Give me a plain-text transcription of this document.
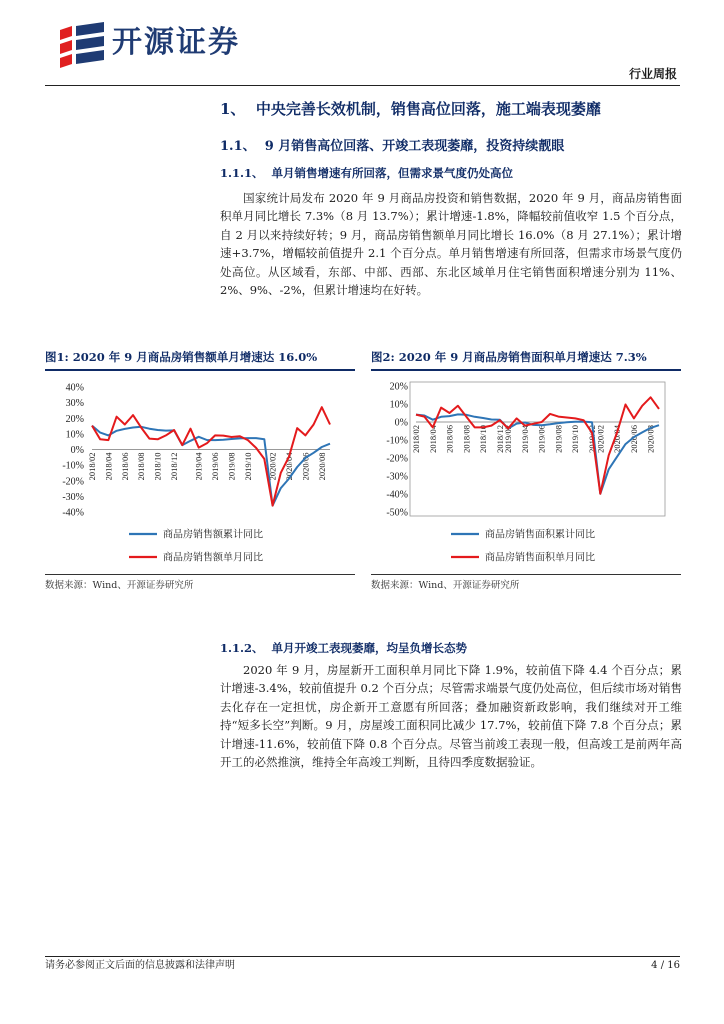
开源证券
行业周报
1、 中央完善长效机制，销售高位回落，施工端表现萎靡
1.1、 9 月销售高位回落、开竣工表现萎靡，投资持续靓眼
1.1.1、 单月销售增速有所回落，但需求景气度仍处高位

  国家统计局发布 2020 年 9 月商品房投资和销售数据，2020 年 9 月，商品房销售面积单月同比增长 7.3%（8 月 13.7%）；累计增速-1.8%，降幅较前值收窄 1.5 个百分点，自 2 月以来持续好转；9 月，商品房销售额单月同比增长 16.0%（8 月 27.1%）；累计增速+3.7%，增幅较前值提升 2.1 个百分点。单月销售增速有所回落，但需求市场景气度仍处高位。从区域看，东部、中部、西部、东北区域单月住宅销售面积增速分别为 11%、2%、9%、-2%，但累计增速均在好转。

图1: 2020 年 9 月商品房销售额单月增速达 16.0%
40%
30%
20%
10%
0%
-10%
-20%
-30%
-40%
2018/02 2018/04 2018/06 2018/08 2018/10 2018/12 2019/04 2019/06 2019/08 2019/10 2020/02 2020/04 2020/06 2020/08
商品房销售额累计同比
商品房销售额单月同比
数据来源：Wind、开源证券研究所
图2: 2020 年 9 月商品房销售面积单月增速达 7.3%
20%
10%
0%
-10%
-20%
-30%
-40%
-50%
2018/02 2018/04 2018/06 2018/08 2018/10 2018/12
2019/02 2019/04 2019/06 2019/08 2019/10 2019/12
2020/02 2020/04 2020/06 2020/08
商品房销售面积累计同比
商品房销售面积单月同比
数据来源：Wind、开源证券研究所
1.1.2、 单月开竣工表现萎靡，均呈负增长态势

  2020 年 9 月，房屋新开工面积单月同比下降 1.9%，较前值下降 4.4 个百分点；累计增速-3.4%，较前值提升 0.2 个百分点；尽管需求端景气度仍处高位，但后续市场对销售去化存在一定担忧，房企新开工意愿有所回落；叠加融资新政影响，我们继续对开工维持“短多长空”判断。9 月，房屋竣工面积同比减少 17.7%，较前值下降 7.8 个百分点；累计增速-11.6%，较前值下降 0.8 个百分点。尽管当前竣工表现一般，但高竣工是前两年高开工的必然推演，维持全年高竣工判断，且待四季度数据验证。

请务必参阅正文后面的信息披露和法律声明	4 / 16
